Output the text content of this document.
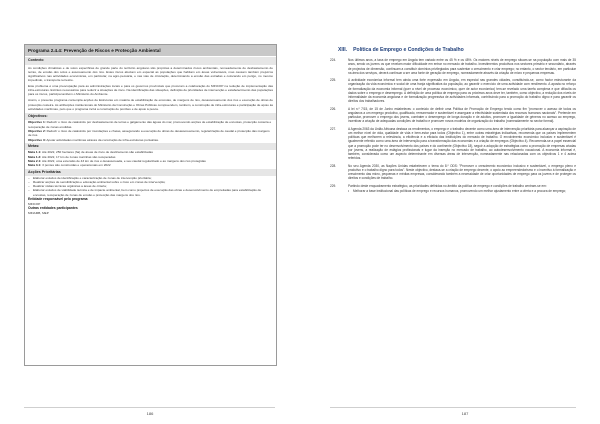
Programa 2.4.4: Prevenção de Riscos e Protecção Ambiental
Contexto
As condições climáticas e de solos específicas de grande parte do território angolano são propícias a determinados riscos ambientais, nomeadamente de desbastamento de terras, de erosão dos solos e assoreamento dos rios. Estes riscos afectam em especial as populações que habitam em áreas vulneráveis, mas causam também prejuízos significativos nas actividades económicas, em particular, na agro-pecuária, e nas vias de circulação, determinando a erosão das estradas e colocando em perigo, no mesmo impedindo, o transporte terrestre.
Este problema é uma preocupação para as administrações locais e para os governos provinciais que procuram a colaboração do MINCOP na redução de implementação das infra-estruturas. Extintos necessários para reduzir a situações de risco. Na identificação das situações, definição de prioridades de intervenção e estabelecimento das populações para os riscos, participa também o Ministério do Ambiente.
Assim, o presente programa contempla acções de Estruturas em matéria de estabilização de encostas, de margens de rios, desassoreamento dos rios e execução de obras de protecção costeira. As atribuições institucionais do Ministério da Construção e Obras Públicas compreendem, também, a construção de infra-estruturas e participação de apoio às actividades marítimas, pelo que o programa inclui a construção de pontões e de apoio à pesca.
Objectivos:
Objectivo 1: Reduzir o risco de catástrofe por desbastamento de terras e galgamento das águas do mar, promovendo acções de estabilização de encostas, protecção costeira e recuperação de zonas erodidas.
Objectivo 2: Reduzir o risco de catástrofe por inundações e cheias, assegurando a execução de obras de desassoreamento, regularização de caudal e protecção das margens de rios.
Objectivo 3: Apoiar actividades marítimas através da construção de infra-estruturas portuárias.
Metas:
Meta 1.1: Até 2022, 250 hectares (ha) de áreas de risco de deslizamento são estabilizadas
Meta 1.2: Até 2022, 17 km de zonas marinhas são recuperadas
Meta 2.1: Até 2022, uma extensão de 43 km de rios é desassoreada, e seu caudal regularizado e as margens dos rios protegidas
Meta 3.1: 3 pontes são construídas e operacionais em 2022
Acções Prioritárias
– Elaborar estudos de identificação e caracterização de zonas de intervenção prioritária;
– Realizar acções de sensibilização e educação ambiental sobre o risco em zonas de intervenção;
– Realizar visitas técnicas orgânicas a áreas de criteria;
– Elaborar estudos de viabilidade técnica e de impacte ambiental, bem como projectos de execução das obras e desenvolvimento de empreitadas para estabilização de encostas, recuperação de zonas de erosão e protecção das margens dos rios.
Entidade responsável pelo programa
MINCOP
Outras entidades participantes
MINAMB, MEP
186
XIII. Política de Emprego e Condições de Trabalho
224.	Nos últimos anos, a taxa de emprego em Angola tem variado entre os 45 % e os 48%. Os maiores níveis de emprego situam-se na população com mais de 35 anos, sendo os jovens os que revelam maior dificuldade em entrar no mercado de trabalho. Investimentos produtivos nos sectores primário e secundário, através de projectos de dimensão, continuam a constituir domínios privilegiados para sustentar o crescimento e criar emprego; no entanto, o sector terciário, em particular na área dos serviços, deverá continuar a ser uma fonte de geração de emprego, nomeadamente através da criação de micro e pequenas empresas.
225.	A actividade económica informal tem ainda uma forte expressão em Angola, em especial nas grandes cidades, constituindo-se, como factor estruturante da organização da vida económica e social de uma franja significativa da população, ao garantir o exercício de uma actividade com rendimento. A aposta no reforço de formalização da economia informal (quer a nível de processo económico, quer de actor económico) tem-se revelado uma tarefa complexa e que dificulta os dados sobre o emprego e desemprego. A definição de uma política de emprego para os próximos anos deve ter, também, como objectivo, a redução dos níveis de informalidade da economia angolana e de formalização progressiva de actividades informais, contribuindo para a promoção do trabalho digno e para garantir os direitos dos trabalhadores.
226.	A lei n.º 7/15, de 15 de Junho estabeleceu o conteúdo de definir uma Política de Promoção de Emprego tendo como fim "promover o acesso de todos os angolanos a um emprego produtivo, qualificado, remunerador e sustentável e assegurar a efectividade sustentada dos recursos humanos nacionais". Pretende em particular, promover o emprego dos jovens, combater o desemprego de longa duração e de adultos, promover a igualdade de géneros no acesso ao emprego, incentivar a criação de adequadas condições de trabalho e promover novos modelos de organização do trabalho (nomeadamente no sector formal).
227.	A Agenda 2063 da União Africana destaca os rendimentos, o emprego e o trabalho decente como uma área de intervenção prioritária para alcançar a aspiração de um melhor nível de vida, qualidade de vida e bem-estar para todos (Objectivo 1), entre outras estratégias indicativas, recomenda que os países implementem políticas que melhorem a relevância, a eficiência e a eficácia das instituições do mercado de trabalho. O envolvimento económico inclusivo e sustentável é igualmente referido como uma área de intervenção para a transformação das economias e a criação de empregos (Objectivo 4). Recomenda-se a papel essencial que a promoção pode ter no desenvolvimento dos países e do continente (Objectivo 18), seguir a adopção de estratégias como a promoção de empresas criadas por jovens, a realização de estágios profissionais e lugar da inserção no mercado de trabalho, ao autodesenvolvimento vocacional. A economia informal é, também, considerada como um aspecto determinante em diversas áreas de intervenção, nomeadamente nas relacionadas com os objectivos 1 e 4 acima referidos.
228.	No seu Agenda 2030, as Nações Unidas estabelecem o tema do 8.º ODS: "Promover o crescimento económico inclusivo e sustentável, o emprego pleno e produtivo e o trabalho digno para todos". Neste objectivo, destaca-se a criação de emprego decente, o apoio ao empreendedorismo e o incentivo à formalização e crescimento das micro, pequenas e médias empresas, considerando também a necessidade de criar oportunidades de emprego para os jovens e de proteger os direitos e condições de trabalho.
229.	Partindo deste enquadramento estratégico, as prioridades definidas no âmbito da política de emprego e condições de trabalho centram-se em:
• Melhorar a base institucional das políticas de emprego e recursos humanos, promovendo um melhor ajustamento entre a oferta e a procura de emprego;
187
